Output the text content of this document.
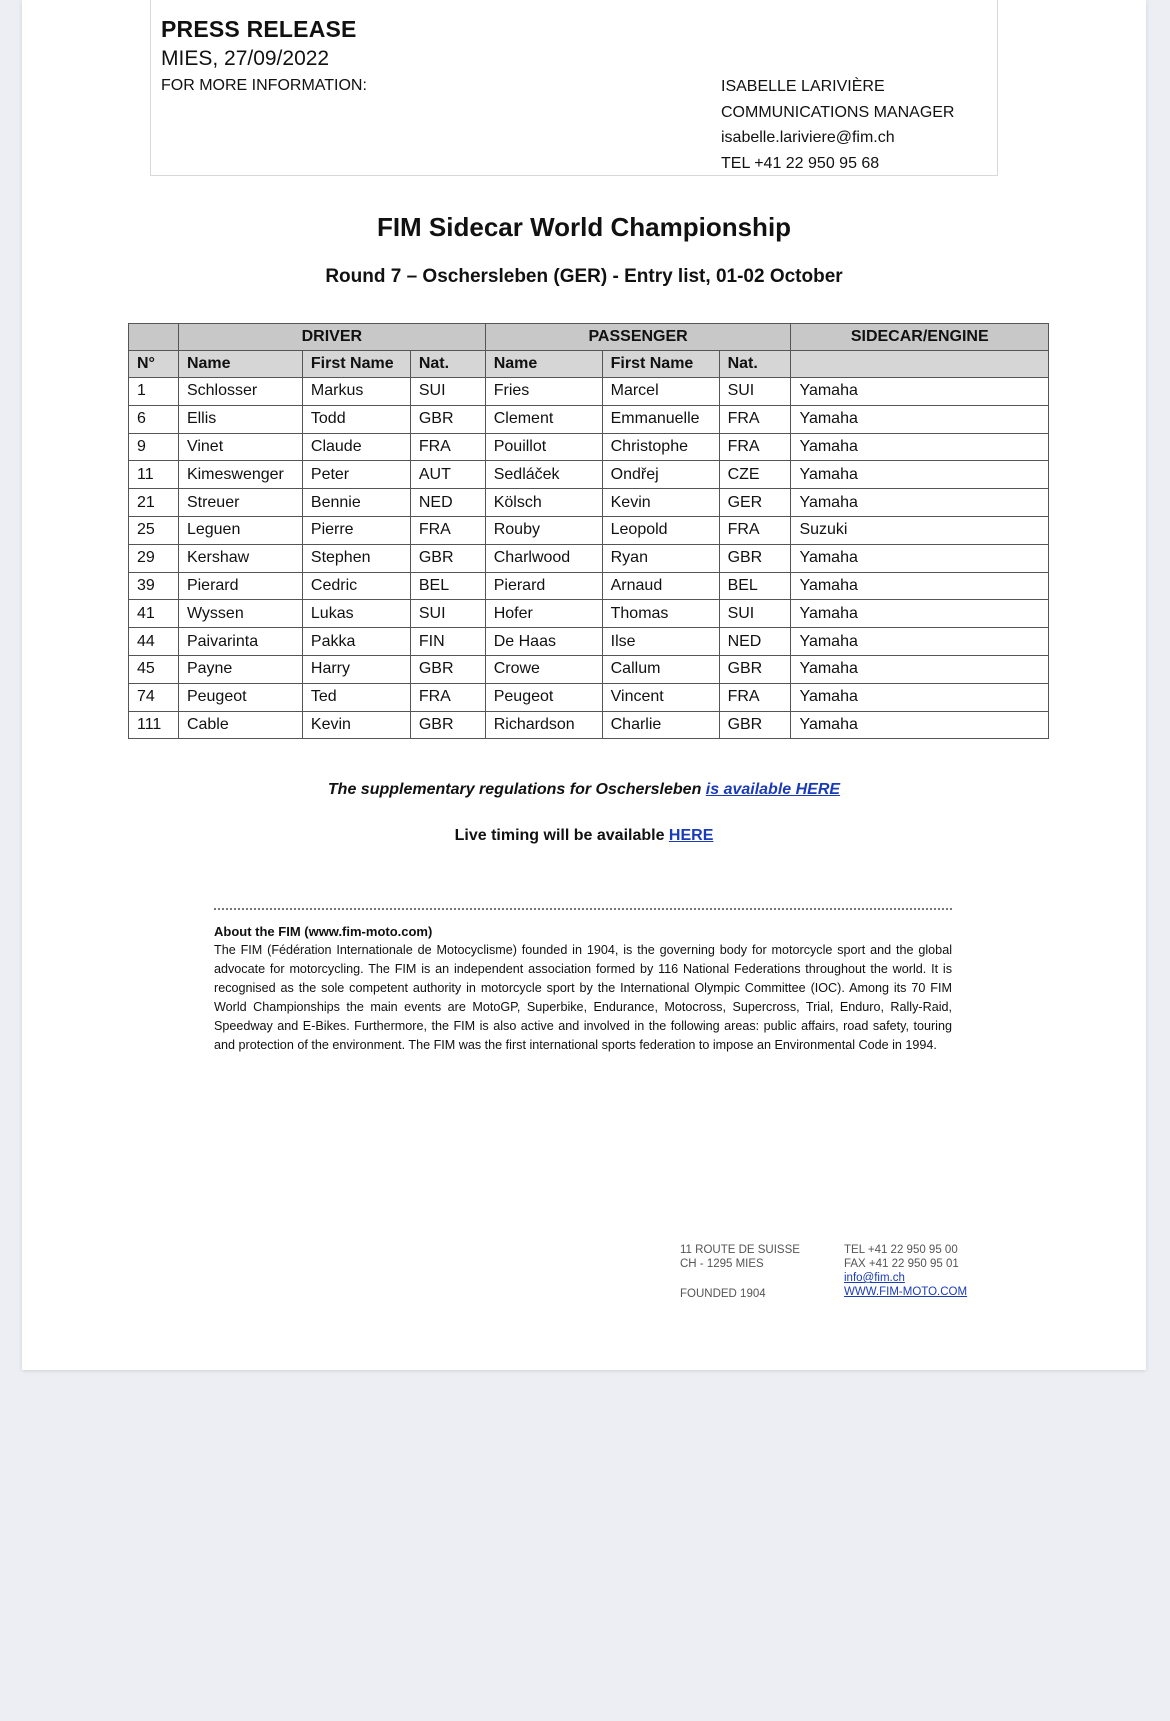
PRESS RELEASE
MIES, 27/09/2022
FOR MORE INFORMATION:	ISABELLE LARIVIÈRE
COMMUNICATIONS MANAGER
isabelle.lariviere@fim.ch
TEL +41 22 950 95 68
FIM Sidecar World Championship
Round 7 – Oschersleben (GER) - Entry list, 01-02 October
	DRIVER			PASSENGER			SIDECAR/ENGINE
N°	Name	First Name	Nat.	Name	First Name	Nat.	
1	Schlosser	Markus	SUI	Fries	Marcel	SUI	Yamaha
6	Ellis	Todd	GBR	Clement	Emmanuelle	FRA	Yamaha
9	Vinet	Claude	FRA	Pouillot	Christophe	FRA	Yamaha
11	Kimeswenger	Peter	AUT	Sedláček	Ondřej	CZE	Yamaha
21	Streuer	Bennie	NED	Kölsch	Kevin	GER	Yamaha
25	Leguen	Pierre	FRA	Rouby	Leopold	FRA	Suzuki
29	Kershaw	Stephen	GBR	Charlwood	Ryan	GBR	Yamaha
39	Pierard	Cedric	BEL	Pierard	Arnaud	BEL	Yamaha
41	Wyssen	Lukas	SUI	Hofer	Thomas	SUI	Yamaha
44	Paivarinta	Pakka	FIN	De Haas	Ilse	NED	Yamaha
45	Payne	Harry	GBR	Crowe	Callum	GBR	Yamaha
74	Peugeot	Ted	FRA	Peugeot	Vincent	FRA	Yamaha
111	Cable	Kevin	GBR	Richardson	Charlie	GBR	Yamaha
The supplementary regulations for Oschersleben is available HERE
Live timing will be available HERE
About the FIM (www.fim-moto.com)
The FIM (Fédération Internationale de Motocyclisme) founded in 1904, is the governing body for motorcycle sport and the global advocate for motorcycling. The FIM is an independent association formed by 116 National Federations throughout the world. It is recognised as the sole competent authority in motorcycle sport by the International Olympic Committee (IOC). Among its 70 FIM World Championships the main events are MotoGP, Superbike, Endurance, Motocross, Supercross, Trial, Enduro, Rally-Raid, Speedway and E-Bikes. Furthermore, the FIM is also active and involved in the following areas: public affairs, road safety, touring and protection of the environment. The FIM was the first international sports federation to impose an Environmental Code in 1994.
11 ROUTE DE SUISSE
CH - 1295 MIES
FOUNDED 1904
TEL +41 22 950 95 00
FAX +41 22 950 95 01
info@fim.ch
WWW.FIM-MOTO.COM
